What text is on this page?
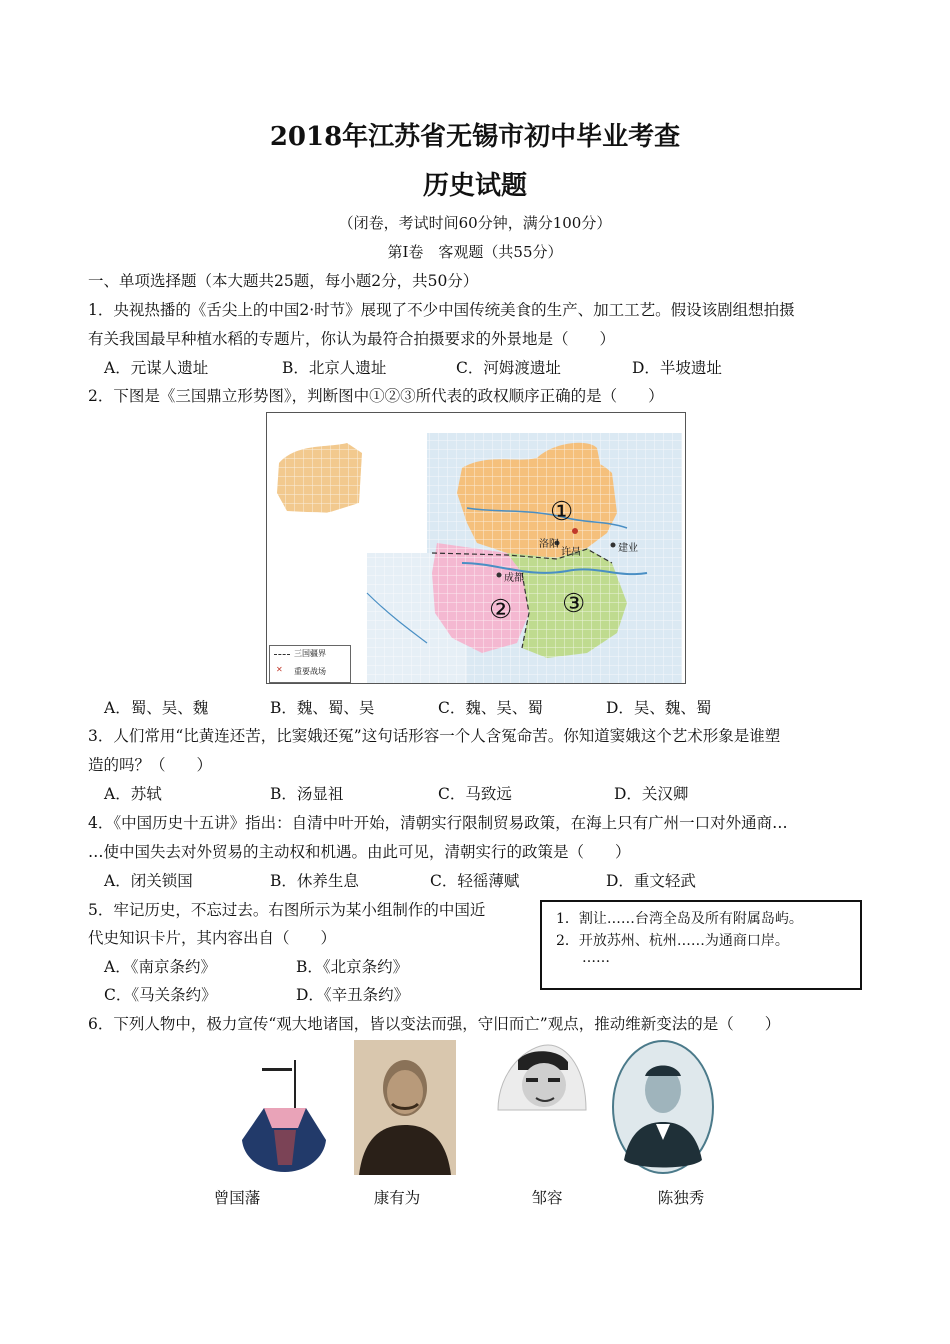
2018年江苏省无锡市初中毕业考查
历史试题
（闭卷，考试时间60分钟，满分100分）
第Ⅰ卷　客观题（共55分）
一、单项选择题（本大题共25题，每小题2分，共50分）
1．央视热播的《舌尖上的中国2·时节》展现了不少中国传统美食的生产、加工工艺。假设该剧组想拍摄
有关我国最早种植水稻的专题片，你认为最符合拍摄要求的外景地是（　　）
A．元谋人遗址	B．北京人遗址	C．河姆渡遗址	D．半坡遗址
2．下图是《三国鼎立形势图》，判断图中①②③所代表的政权顺序正确的是（　　）
①
② ③
洛阳
许昌
成都
建业
三国疆界
✕ 重要战场
A．蜀、吴、魏	B．魏、蜀、吴	C．魏、吴、蜀	D．吴、魏、蜀
3．人们常用“比黄连还苦，比窦娥还冤”这句话形容一个人含冤命苦。你知道窦娥这个艺术形象是谁塑
造的吗？（　　）
A．苏轼	B．汤显祖	C．马致远	D．关汉卿
4．《中国历史十五讲》指出：自清中叶开始，清朝实行限制贸易政策，在海上只有广州一口对外通商…
…使中国失去对外贸易的主动权和机遇。由此可见，清朝实行的政策是（　　）
A．闭关锁国	B．休养生息	C．轻徭薄赋	D．重文轻武
5．牢记历史，不忘过去。右图所示为某小组制作的中国近
代史知识卡片，其内容出自（　　）
A．《南京条约》	B．《北京条约》
C．《马关条约》	D．《辛丑条约》
1．割让……台湾全岛及所有附属岛屿。
2．开放苏州、杭州……为通商口岸。
……
6．下列人物中，极力宣传“观大地诸国，皆以变法而强，守旧而亡”观点，推动维新变法的是（　　）
曾国藩	康有为	邹容	陈独秀
